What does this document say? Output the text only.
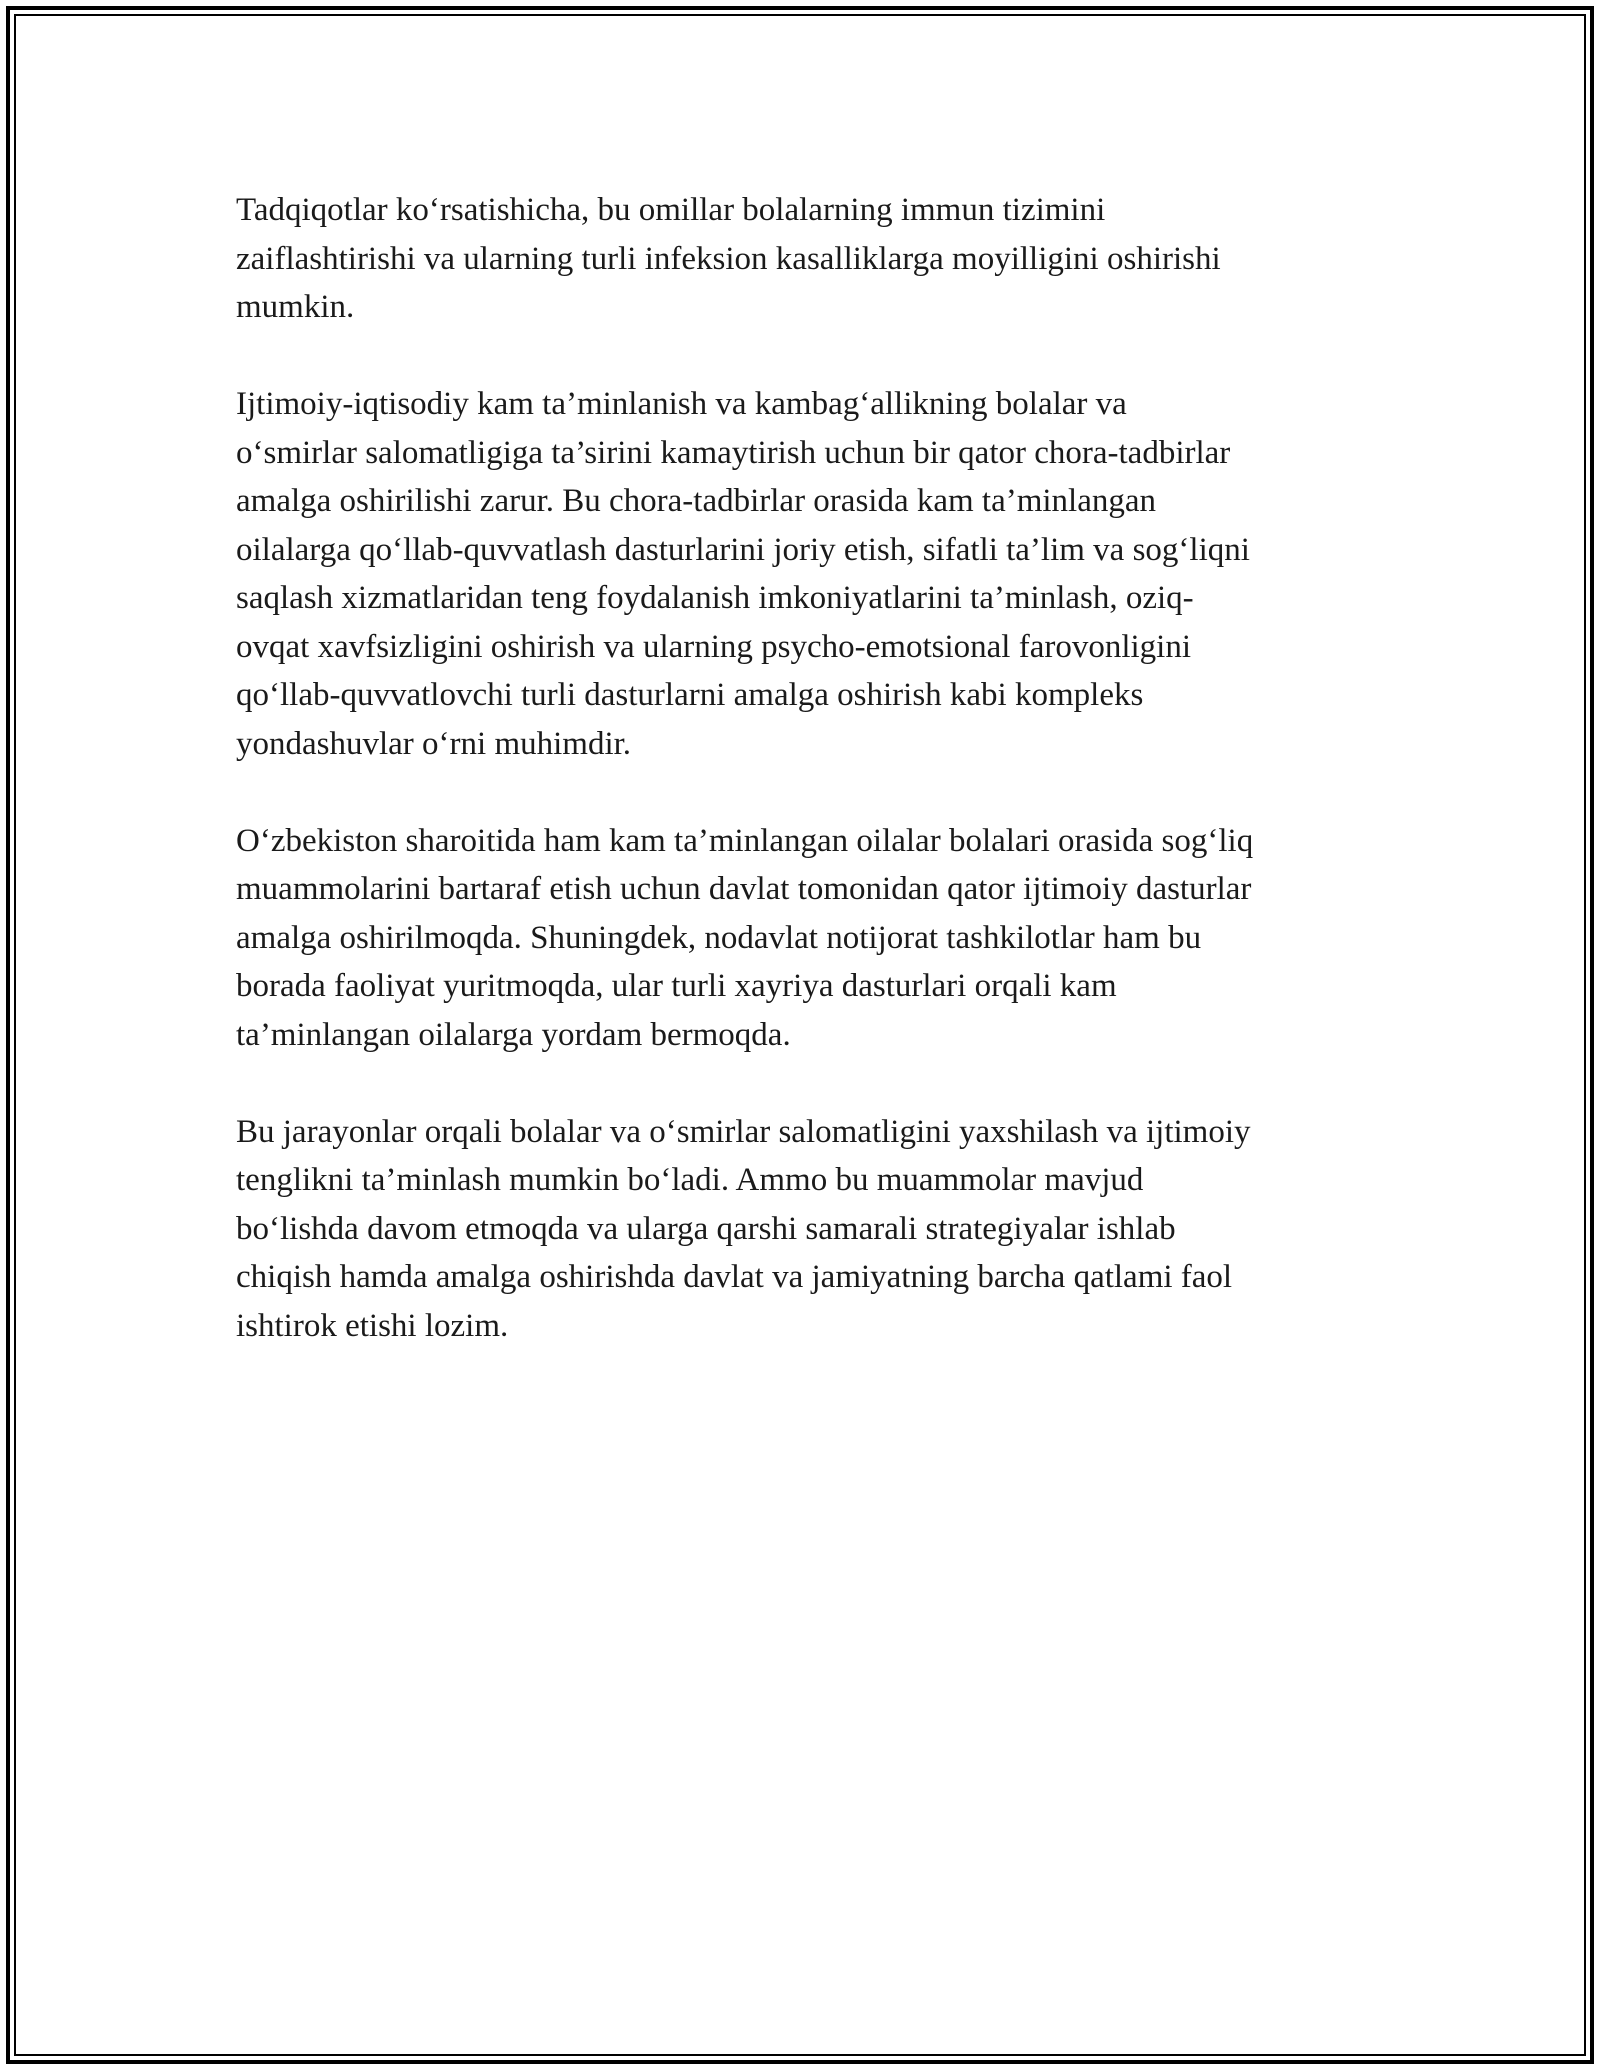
Tadqiqotlar ko‘rsatishicha, bu omillar bolalarning immun tizimini
zaiflashtirishi va ularning turli infeksion kasalliklarga moyilligini oshirishi
mumkin.

Ijtimoiy-iqtisodiy kam ta’minlanish va kambag‘allikning bolalar va
o‘smirlar salomatligiga ta’sirini kamaytirish uchun bir qator chora-tadbirlar
amalga oshirilishi zarur. Bu chora-tadbirlar orasida kam ta’minlangan
oilalarga qo‘llab-quvvatlash dasturlarini joriy etish, sifatli ta’lim va sog‘liqni
saqlash xizmatlaridan teng foydalanish imkoniyatlarini ta’minlash, oziq-
ovqat xavfsizligini oshirish va ularning psycho-emotsional farovonligini
qo‘llab-quvvatlovchi turli dasturlarni amalga oshirish kabi kompleks
yondashuvlar o‘rni muhimdir.

O‘zbekiston sharoitida ham kam ta’minlangan oilalar bolalari orasida sog‘liq
muammolarini bartaraf etish uchun davlat tomonidan qator ijtimoiy dasturlar
amalga oshirilmoqda. Shuningdek, nodavlat notijorat tashkilotlar ham bu
borada faoliyat yuritmoqda, ular turli xayriya dasturlari orqali kam
ta’minlangan oilalarga yordam bermoqda.

Bu jarayonlar orqali bolalar va o‘smirlar salomatligini yaxshilash va ijtimoiy
tenglikni ta’minlash mumkin bo‘ladi. Ammo bu muammolar mavjud
bo‘lishda davom etmoqda va ularga qarshi samarali strategiyalar ishlab
chiqish hamda amalga oshirishda davlat va jamiyatning barcha qatlami faol
ishtirok etishi lozim.
